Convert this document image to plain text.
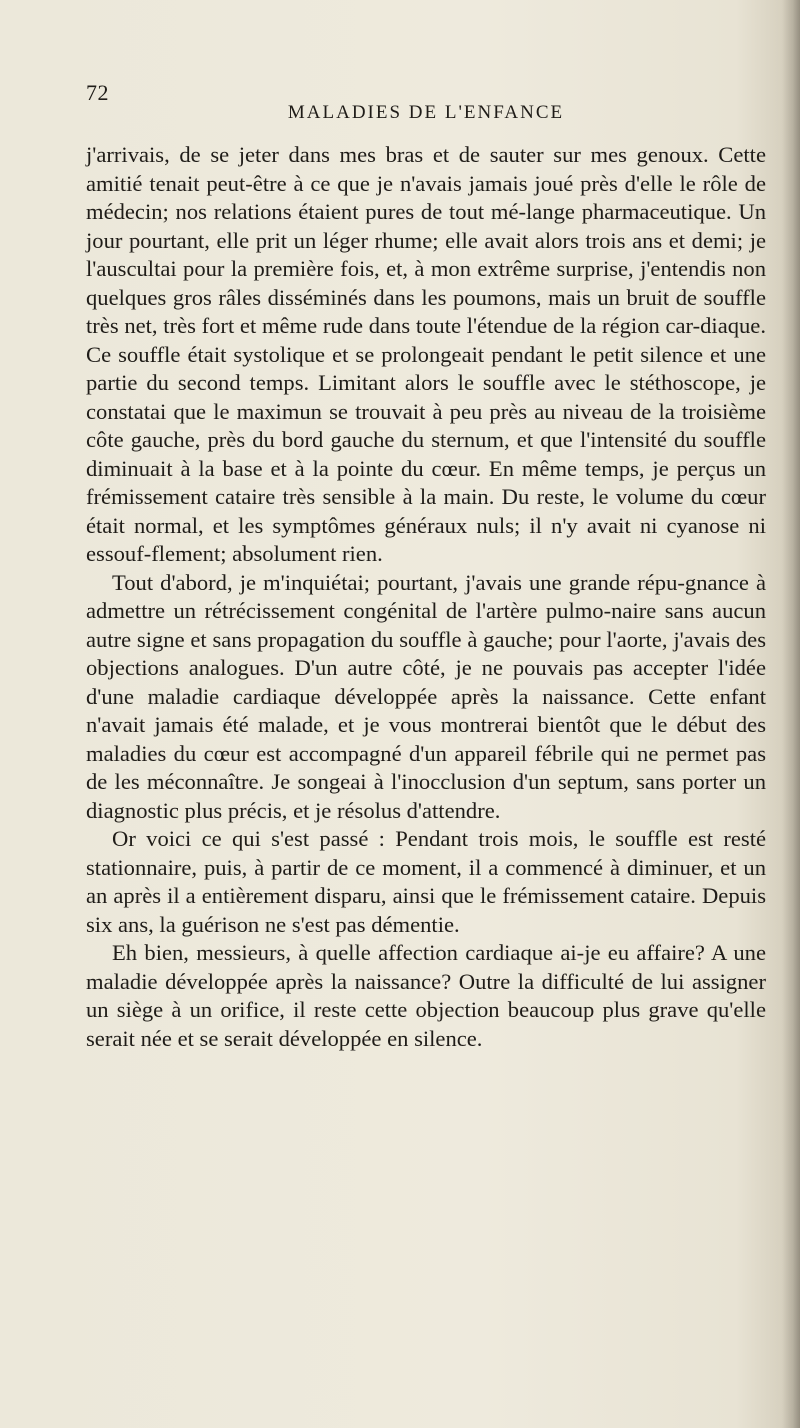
72
MALADIES DE L'ENFANCE

j'arrivais, de se jeter dans mes bras et de sauter sur mes genoux. Cette amitié tenait peut-être à ce que je n'avais jamais joué près d'elle le rôle de médecin; nos relations étaient pures de tout mé-lange pharmaceutique. Un jour pourtant, elle prit un léger rhume; elle avait alors trois ans et demi; je l'auscultai pour la première fois, et, à mon extrême surprise, j'entendis non quelques gros râles disséminés dans les poumons, mais un bruit de souffle très net, très fort et même rude dans toute l'étendue de la région car-diaque. Ce souffle était systolique et se prolongeait pendant le petit silence et une partie du second temps. Limitant alors le souffle avec le stéthoscope, je constatai que le maximun se trouvait à peu près au niveau de la troisième côte gauche, près du bord gauche du sternum, et que l'intensité du souffle diminuait à la base et à la pointe du cœur. En même temps, je perçus un frémissement cataire très sensible à la main. Du reste, le volume du cœur était normal, et les symptômes généraux nuls; il n'y avait ni cyanose ni essouf-flement; absolument rien.

Tout d'abord, je m'inquiétai; pourtant, j'avais une grande répu-gnance à admettre un rétrécissement congénital de l'artère pulmo-naire sans aucun autre signe et sans propagation du souffle à gauche; pour l'aorte, j'avais des objections analogues. D'un autre côté, je ne pouvais pas accepter l'idée d'une maladie cardiaque développée après la naissance. Cette enfant n'avait jamais été malade, et je vous montrerai bientôt que le début des maladies du cœur est accompagné d'un appareil fébrile qui ne permet pas de les méconnaître. Je songeai à l'inocclusion d'un septum, sans porter un diagnostic plus précis, et je résolus d'attendre.

Or voici ce qui s'est passé : Pendant trois mois, le souffle est resté stationnaire, puis, à partir de ce moment, il a commencé à diminuer, et un an après il a entièrement disparu, ainsi que le frémissement cataire. Depuis six ans, la guérison ne s'est pas démentie.

Eh bien, messieurs, à quelle affection cardiaque ai-je eu affaire? A une maladie développée après la naissance? Outre la difficulté de lui assigner un siège à un orifice, il reste cette objection beaucoup plus grave qu'elle serait née et se serait développée en silence.
